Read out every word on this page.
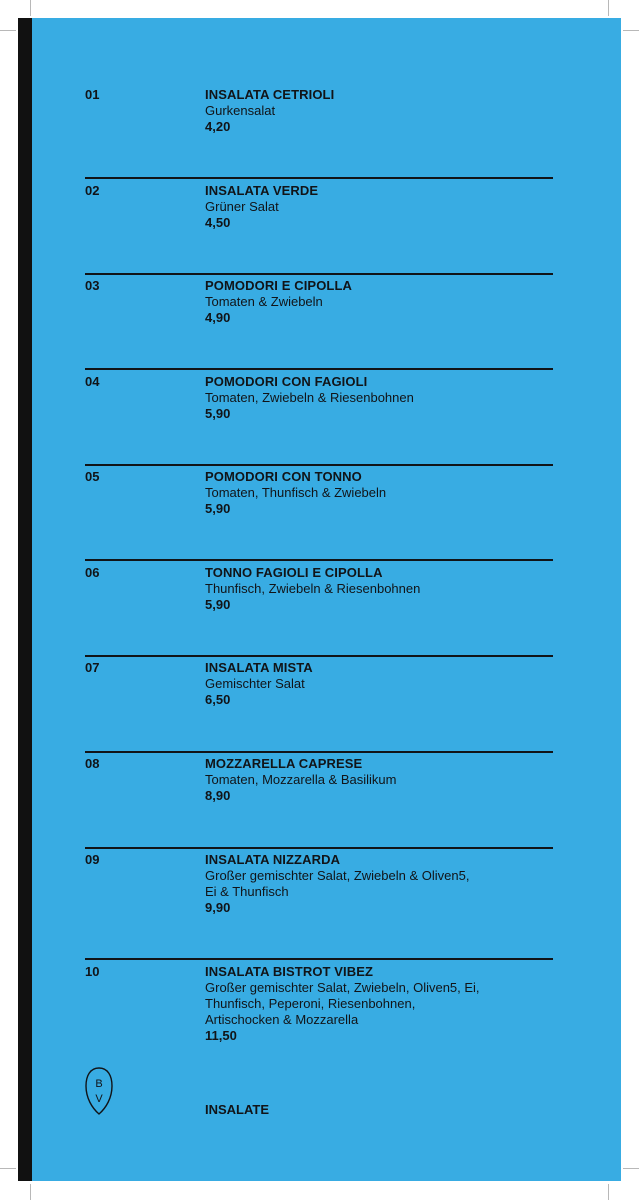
01	INSALATA CETRIOLI
Gurkensalat
4,20
02	INSALATA VERDE
Grüner Salat
4,50
03	POMODORI E CIPOLLA
Tomaten & Zwiebeln
4,90
04	POMODORI CON FAGIOLI
Tomaten, Zwiebeln & Riesenbohnen
5,90
05	POMODORI CON TONNO
Tomaten, Thunfisch & Zwiebeln
5,90
06	TONNO FAGIOLI E CIPOLLA
Thunfisch, Zwiebeln & Riesenbohnen
5,90
07	INSALATA MISTA
Gemischter Salat
6,50
08	MOZZARELLA CAPRESE
Tomaten, Mozzarella & Basilikum
8,90
09	INSALATA NIZZARDA
Großer gemischter Salat, Zwiebeln & Oliven5,
Ei & Thunfisch
9,90
10	INSALATA BISTROT VIBEZ
Großer gemischter Salat, Zwiebeln, Oliven5, Ei,
Thunfisch, Peperoni, Riesenbohnen,
Artischocken & Mozzarella
11,50
B
V
INSALATE
